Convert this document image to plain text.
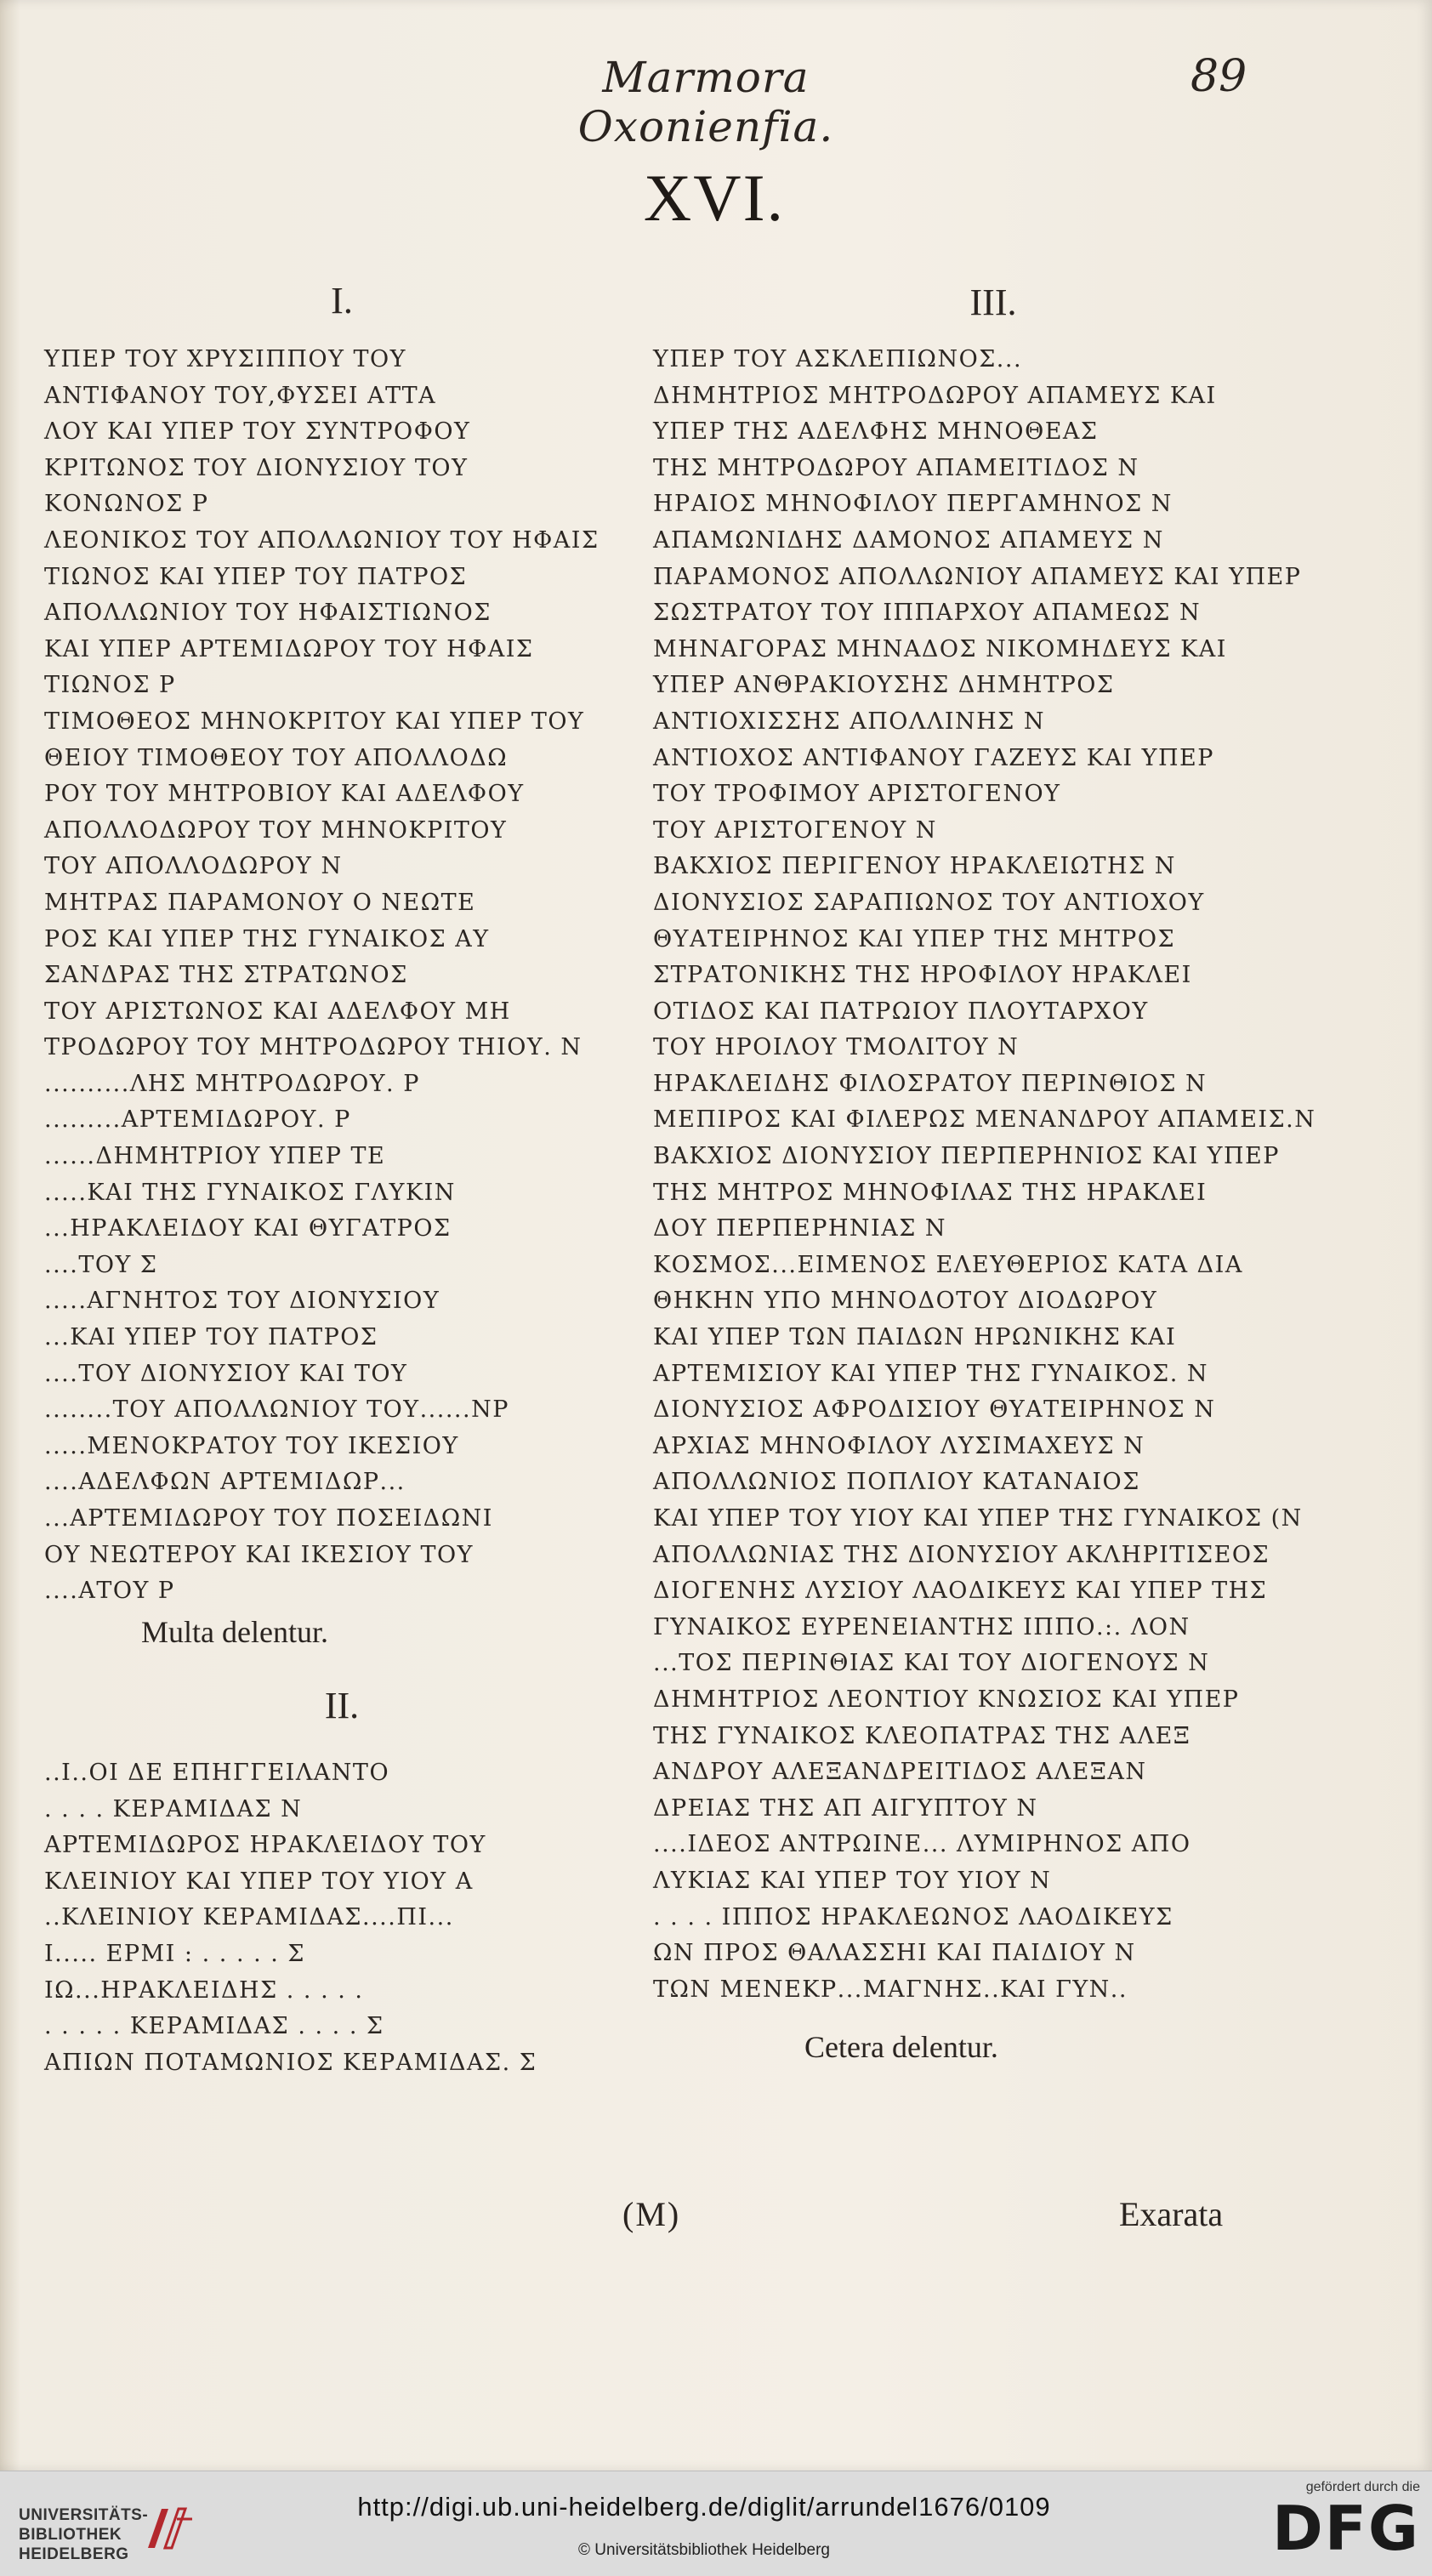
Marmora Oxonienfia.
89
XVI.
I.
ΥΠΕΡ ΤΟΥ ΧΡΥΣΙΠΠΟΥ ΤΟΥ
ΑΝΤΙΦΑΝΟΥ ΤΟΥ,ΦΥΣΕΙ ΑΤΤΑ
ΛΟΥ ΚΑΙ ΥΠΕΡ ΤΟΥ ΣΥΝΤΡΟΦΟΥ
ΚΡΙΤΩΝΟΣ ΤΟΥ ΔΙΟΝΥΣΙΟΥ ΤΟΥ
ΚΟΝΩΝΟΣ Ρ
ΛΕΟΝΙΚΟΣ ΤΟΥ ΑΠΟΛΛΩΝΙΟΥ ΤΟΥ ΗΦΑΙΣ
ΤΙΩΝΟΣ ΚΑΙ ΥΠΕΡ ΤΟΥ ΠΑΤΡΟΣ
ΑΠΟΛΛΩΝΙΟΥ ΤΟΥ ΗΦΑΙΣΤΙΩΝΟΣ
ΚΑΙ ΥΠΕΡ ΑΡΤΕΜΙΔΩΡΟΥ ΤΟΥ ΗΦΑΙΣ
ΤΙΩΝΟΣ Ρ
ΤΙΜΟΘΕΟΣ ΜΗΝΟΚΡΙΤΟΥ ΚΑΙ ΥΠΕΡ ΤΟΥ
ΘΕΙΟΥ ΤΙΜΟΘΕΟΥ ΤΟΥ ΑΠΟΛΛΟΔΩ
ΡΟΥ ΤΟΥ ΜΗΤΡΟΒΙΟΥ ΚΑΙ ΑΔΕΛΦΟΥ
ΑΠΟΛΛΟΔΩΡΟΥ ΤΟΥ ΜΗΝΟΚΡΙΤΟΥ
ΤΟΥ ΑΠΟΛΛΟΔΩΡΟΥ Ν
ΜΗΤΡΑΣ ΠΑΡΑΜΟΝΟΥ Ο ΝΕΩΤΕ
ΡΟΣ ΚΑΙ ΥΠΕΡ ΤΗΣ ΓΥΝΑΙΚΟΣ ΑΥ
ΣΑΝΔΡΑΣ ΤΗΣ ΣΤΡΑΤΩΝΟΣ
ΤΟΥ ΑΡΙΣΤΩΝΟΣ ΚΑΙ ΑΔΕΛΦΟΥ ΜΗ
ΤΡΟΔΩΡΟΥ ΤΟΥ ΜΗΤΡΟΔΩΡΟΥ ΤΗΙΟΥ. Ν
..........ΛΗΣ ΜΗΤΡΟΔΩΡΟΥ. Ρ
.........ΑΡΤΕΜΙΔΩΡΟΥ. Ρ
......ΔΗΜΗΤΡΙΟΥ ΥΠΕΡ ΤΕ
.....ΚΑΙ ΤΗΣ ΓΥΝΑΙΚΟΣ ΓΛΥΚΙΝ
...ΗΡΑΚΛΕΙΔΟΥ ΚΑΙ ΘΥΓΑΤΡΟΣ
....ΤΟΥ Σ
.....ΑΓΝΗΤΟΣ ΤΟΥ ΔΙΟΝΥΣΙΟΥ
...ΚΑΙ ΥΠΕΡ ΤΟΥ ΠΑΤΡΟΣ
....ΤΟΥ ΔΙΟΝΥΣΙΟΥ ΚΑΙ ΤΟΥ
........ΤΟΥ ΑΠΟΛΛΩΝΙΟΥ ΤΟΥ......ΝΡ
.....ΜΕΝΟΚΡΑΤΟΥ ΤΟΥ ΙΚΕΣΙΟΥ
....ΑΔΕΛΦΩΝ ΑΡΤΕΜΙΔΩΡ...
...ΑΡΤΕΜΙΔΩΡΟΥ ΤΟΥ ΠΟΣΕΙΔΩΝΙ
ΟΥ ΝΕΩΤΕΡΟΥ ΚΑΙ ΙΚΕΣΙΟΥ ΤΟΥ
....ΑΤΟΥ Ρ
Multa delentur.
II.
..Ι..ΟΙ ΔΕ ΕΠΗΓΓΕΙΛΑΝΤΟ
. . . . ΚΕΡΑΜΙΔΑΣ Ν
ΑΡΤΕΜΙΔΩΡΟΣ ΗΡΑΚΛΕΙΔΟΥ ΤΟΥ
ΚΛΕΙΝΙΟΥ ΚΑΙ ΥΠΕΡ ΤΟΥ ΥΙΟΥ Α
..ΚΛΕΙΝΙΟΥ ΚΕΡΑΜΙΔΑΣ....ΠΙ...
Ι..... ΕΡΜΙ : . . . . . Σ
ΙΩ...ΗΡΑΚΛΕΙΔΗΣ . . . . .
. . . . . ΚΕΡΑΜΙΔΑΣ . . . . Σ
ΑΠΙΩΝ ΠΟΤΑΜΩΝΙΟΣ ΚΕΡΑΜΙΔΑΣ. Σ
III.
ΥΠΕΡ ΤΟΥ ΑΣΚΛΕΠΙΩΝΟΣ...
ΔΗΜΗΤΡΙΟΣ ΜΗΤΡΟΔΩΡΟΥ ΑΠΑΜΕΥΣ ΚΑΙ
ΥΠΕΡ ΤΗΣ ΑΔΕΛΦΗΣ ΜΗΝΟΘΕΑΣ
ΤΗΣ ΜΗΤΡΟΔΩΡΟΥ ΑΠΑΜΕΙΤΙΔΟΣ Ν
ΗΡΑΙΟΣ ΜΗΝΟΦΙΛΟΥ ΠΕΡΓΑΜΗΝΟΣ Ν
ΑΠΑΜΩΝΙΔΗΣ ΔΑΜΟΝΟΣ ΑΠΑΜΕΥΣ Ν
ΠΑΡΑΜΟΝΟΣ ΑΠΟΛΛΩΝΙΟΥ ΑΠΑΜΕΥΣ ΚΑΙ ΥΠΕΡ
ΣΩΣΤΡΑΤΟΥ ΤΟΥ ΙΠΠΑΡΧΟΥ ΑΠΑΜΕΩΣ Ν
ΜΗΝΑΓΟΡΑΣ ΜΗΝΑΔΟΣ ΝΙΚΟΜΗΔΕΥΣ ΚΑΙ
ΥΠΕΡ ΑΝΘΡΑΚΙΟΥΣΗΣ ΔΗΜΗΤΡΟΣ
ΑΝΤΙΟΧΙΣΣΗΣ ΑΠΟΛΛΙΝΗΣ Ν
ΑΝΤΙΟΧΟΣ ΑΝΤΙΦΑΝΟΥ ΓΑΖΕΥΣ ΚΑΙ ΥΠΕΡ
ΤΟΥ ΤΡΟΦΙΜΟΥ ΑΡΙΣΤΟΓΕΝΟΥ
ΤΟΥ ΑΡΙΣΤΟΓΕΝΟΥ Ν
ΒΑΚΧΙΟΣ ΠΕΡΙΓΕΝΟΥ ΗΡΑΚΛΕΙΩΤΗΣ Ν
ΔΙΟΝΥΣΙΟΣ ΣΑΡΑΠΙΩΝΟΣ ΤΟΥ ΑΝΤΙΟΧΟΥ
ΘΥΑΤΕΙΡΗΝΟΣ ΚΑΙ ΥΠΕΡ ΤΗΣ ΜΗΤΡΟΣ
ΣΤΡΑΤΟΝΙΚΗΣ ΤΗΣ ΗΡΟΦΙΛΟΥ ΗΡΑΚΛΕΙ
ΟΤΙΔΟΣ ΚΑΙ ΠΑΤΡΩΙΟΥ ΠΛΟΥΤΑΡΧΟΥ
ΤΟΥ ΗΡΟΙΛΟΥ ΤΜΟΛΙΤΟΥ Ν
ΗΡΑΚΛΕΙΔΗΣ ΦΙΛΟΣΡΑΤΟΥ ΠΕΡΙΝΘΙΟΣ Ν
ΜΕΠΙΡΟΣ ΚΑΙ ΦΙΛΕΡΩΣ ΜΕΝΑΝΔΡΟΥ ΑΠΑΜΕΙΣ.Ν
ΒΑΚΧΙΟΣ ΔΙΟΝΥΣΙΟΥ ΠΕΡΠΕΡΗΝΙΟΣ ΚΑΙ ΥΠΕΡ
ΤΗΣ ΜΗΤΡΟΣ ΜΗΝΟΦΙΛΑΣ ΤΗΣ ΗΡΑΚΛΕΙ
ΔΟΥ ΠΕΡΠΕΡΗΝΙΑΣ Ν
ΚΟΣΜΟΣ...ΕΙΜΕΝΟΣ ΕΛΕΥΘΕΡΙΟΣ ΚΑΤΑ ΔΙΑ
ΘΗΚΗΝ ΥΠΟ ΜΗΝΟΔΟΤΟΥ ΔΙΟΔΩΡΟΥ
ΚΑΙ ΥΠΕΡ ΤΩΝ ΠΑΙΔΩΝ ΗΡΩΝΙΚΗΣ ΚΑΙ
ΑΡΤΕΜΙΣΙΟΥ ΚΑΙ ΥΠΕΡ ΤΗΣ ΓΥΝΑΙΚΟΣ. Ν
ΔΙΟΝΥΣΙΟΣ ΑΦΡΟΔΙΣΙΟΥ ΘΥΑΤΕΙΡΗΝΟΣ Ν
ΑΡΧΙΑΣ ΜΗΝΟΦΙΛΟΥ ΛΥΣΙΜΑΧΕΥΣ Ν
ΑΠΟΛΛΩΝΙΟΣ ΠΟΠΛΙΟΥ ΚΑΤΑΝΑΙΟΣ
ΚΑΙ ΥΠΕΡ ΤΟΥ ΥΙΟΥ ΚΑΙ ΥΠΕΡ ΤΗΣ ΓΥΝΑΙΚΟΣ (Ν
ΑΠΟΛΛΩΝΙΑΣ ΤΗΣ ΔΙΟΝΥΣΙΟΥ ΑΚΛΗΡΙΤΙΣΕΟΣ
ΔΙΟΓΕΝΗΣ ΛΥΣΙΟΥ ΛΑΟΔΙΚΕΥΣ ΚΑΙ ΥΠΕΡ ΤΗΣ
ΓΥΝΑΙΚΟΣ ΕΥΡΕΝΕΙΑΝΤΗΣ ΙΠΠΟ.:. ΛΟΝ
...ΤΟΣ ΠΕΡΙΝΘΙΑΣ ΚΑΙ ΤΟΥ ΔΙΟΓΕΝΟΥΣ Ν
ΔΗΜΗΤΡΙΟΣ ΛΕΟΝΤΙΟΥ ΚΝΩΣΙΟΣ ΚΑΙ ΥΠΕΡ
ΤΗΣ ΓΥΝΑΙΚΟΣ ΚΛΕΟΠΑΤΡΑΣ ΤΗΣ ΑΛΕΞ
ΑΝΔΡΟΥ ΑΛΕΞΑΝΔΡΕΙΤΙΔΟΣ ΑΛΕΞΑΝ
ΔΡΕΙΑΣ ΤΗΣ ΑΠ ΑΙΓΥΠΤΟΥ Ν
....ΙΔΕΟΣ ΑΝΤΡΩΙΝΕ... ΛΥΜΙΡΗΝΟΣ ΑΠΟ
ΛΥΚΙΑΣ ΚΑΙ ΥΠΕΡ ΤΟΥ ΥΙΟΥ Ν
. . . . ΙΠΠΟΣ ΗΡΑΚΛΕΩΝΟΣ ΛΑΟΔΙΚΕΥΣ
ΩΝ ΠΡΟΣ ΘΑΛΑΣΣΗΙ ΚΑΙ ΠΑΙΔΙΟΥ Ν
ΤΩΝ ΜΕΝΕΚΡ...ΜΑΓΝΗΣ..ΚΑΙ ΓΥΝ..
Cetera delentur.
(M)	Exarata
UNIVERSITÄTS-
BIBLIOTHEK
HEIDELBERG
http://digi.ub.uni-heidelberg.de/diglit/arrundel1676/0109
© Universitätsbibliothek Heidelberg
gefördert durch die
DFG
